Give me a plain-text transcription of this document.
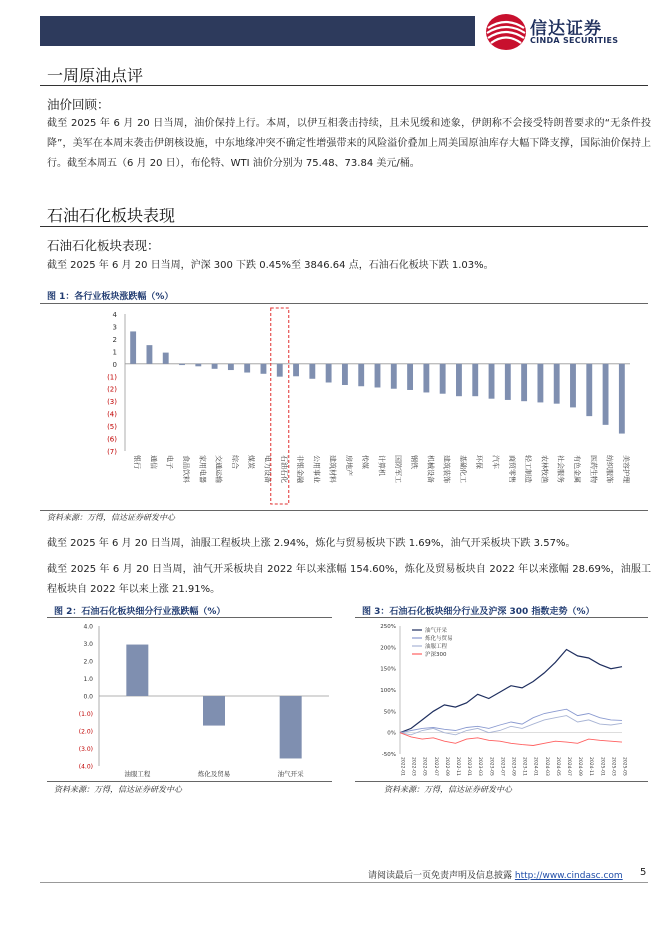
信达证券
CINDA SECURITIES
一周原油点评
油价回顾：
截至 2025 年 6 月 20 日当周，油价保持上行。本周，以伊互相袭击持续，且未见缓和迹象，伊朗称不会接受特朗普要求的“无条件投降”，美军在本周末袭击伊朗核设施，中东地缘冲突不确定性增强带来的风险溢价叠加上周美国原油库存大幅下降支撑，国际油价保持上行。截至本周五（6 月 20 日），布伦特、WTI 油价分别为 75.48、73.84 美元/桶。
石油石化板块表现
石油石化板块表现：
截至 2025 年 6 月 20 日当周，沪深 300 下跌 0.45%至 3846.64 点，石油石化板块下跌 1.03%。
图 1：各行业板块涨跌幅（%）
4
3
2
1
0
(1)
(2)
(3)
(4)
(5)
(6)
(7)
银行 通信 电子 食品饮料 家用电器 交通运输 综合 煤炭 电力设备 石油石化 非银金融 公用事业 建筑材料 房地产 传媒 计算机 国防军工 钢铁 机械设备 建筑装饰 基础化工 环保 汽车 商贸零售 轻工制造 农林牧渔 社会服务 有色金属 医药生物 纺织服饰 美容护理
资料来源：万得，信达证券研发中心
截至 2025 年 6 月 20 日当周，油服工程板块上涨 2.94%，炼化与贸易板块下跌 1.69%，油气开采板块下跌 3.57%。
截至 2025 年 6 月 20 日当周，油气开采板块自 2022 年以来涨幅 154.60%，炼化及贸易板块自 2022 年以来涨幅 28.69%，油服工程板块自 2022 年以来上涨 21.91%。
图 2：石油石化板块细分行业涨跌幅（%）
4.0
3.0
2.0
1.0
0.0
(1.0)
(2.0)
(3.0)
(4.0)
油服工程	炼化及贸易	油气开采
资料来源：万得，信达证券研发中心
图 3：石油石化板块细分行业及沪深 300 指数走势（%）
250%
200%
150%
100%
50%
0%
-50%
2022-01 2022-03 2022-05 2022-07 2022-09 2022-11 2023-01 2023-03 2023-05 2023-07 2023-09 2023-11 2024-01 2024-03 2024-05 2024-07 2024-09 2024-11 2025-01 2025-03 2025-05
油气开采
炼化与贸易
油服工程
沪深300
资料来源：万得，信达证券研发中心
请阅读最后一页免责声明及信息披露 http://www.cindasc.com 5
